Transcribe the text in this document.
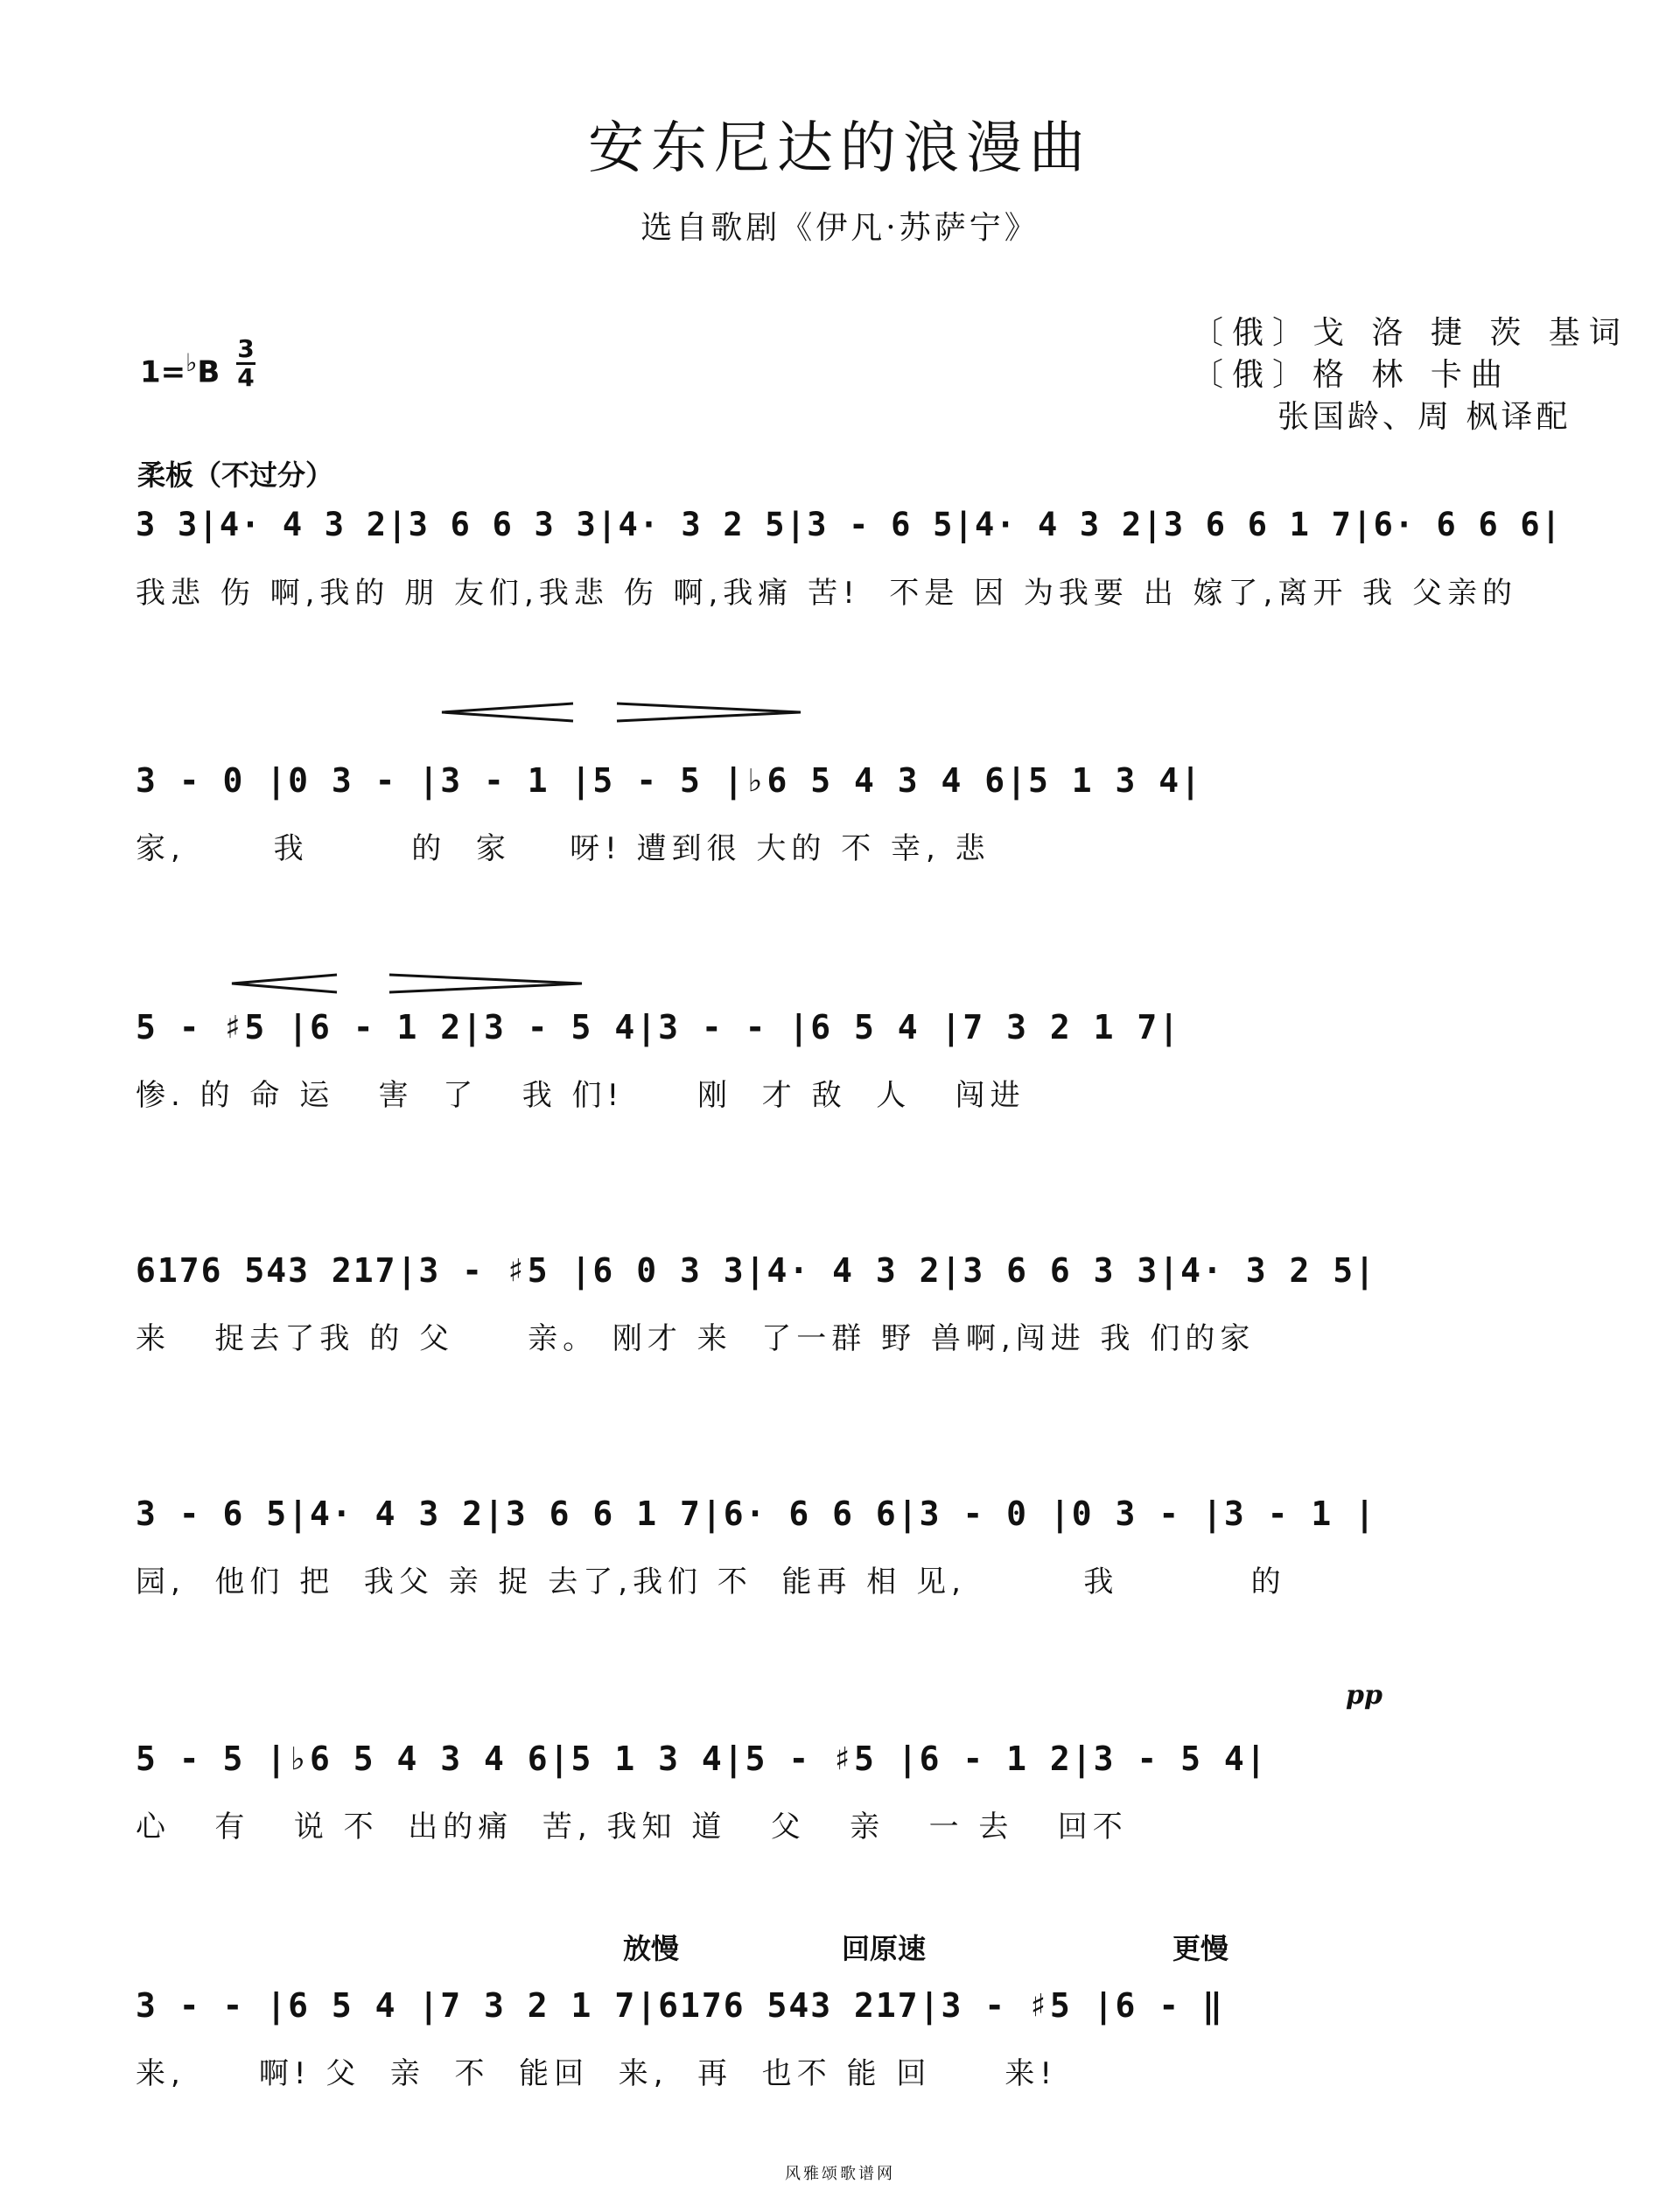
安东尼达的浪漫曲
选自歌剧《伊凡·苏萨宁》
〔俄〕戈 洛 捷 茨 基词
〔俄〕格 林 卡曲
张国龄、周 枫译配
1=♭B
3
4
柔板（不过分）
3 3|4· 4 3 2|3 6 6 3 3|4· 3 2 5|3 - 6 5|4· 4 3 2|3 6 6 1 7|6· 6 6 6|
我悲 伤 啊,我的 朋 友们,我悲 伤 啊,我痛 苦!  不是 因 为我要 出 嫁了,离开 我 父亲的
3 - 0 |0 3 - |3 - 1 |5 - 5 |♭6 5 4 3 4 6|5 1 3 4|
家,      我       的  家    呀! 遭到很 大的 不 幸, 悲
5 - ♯5 |6 - 1 2|3 - 5 4|3 - - |6 5 4 |7 3 2 1 7|
惨. 的 命 运   害  了   我 们!     刚  才 敌  人   闯进
6176 543 217|3 - ♯5 |6 0 3 3|4· 4 3 2|3 6 6 3 3|4· 3 2 5|
来   捉去了我 的 父     亲。 刚才 来  了一群 野 兽啊,闯进 我 们的家
3 - 6 5|4· 4 3 2|3 6 6 1 7|6· 6 6 6|3 - 0 |0 3 - |3 - 1 |
园,  他们 把  我父 亲 捉 去了,我们 不  能再 相 见,        我         的
pp
5 - 5 |♭6 5 4 3 4 6|5 1 3 4|5 - ♯5 |6 - 1 2|3 - 5 4|
心   有   说 不  出的痛  苦, 我知 道   父   亲   一 去   回不
放慢	回原速	更慢
3 - - |6 5 4 |7 3 2 1 7|6176 543 217|3 - ♯5 |6 - ‖
来,     啊! 父  亲  不  能回  来,  再  也不 能 回     来!
风雅颂歌谱网
